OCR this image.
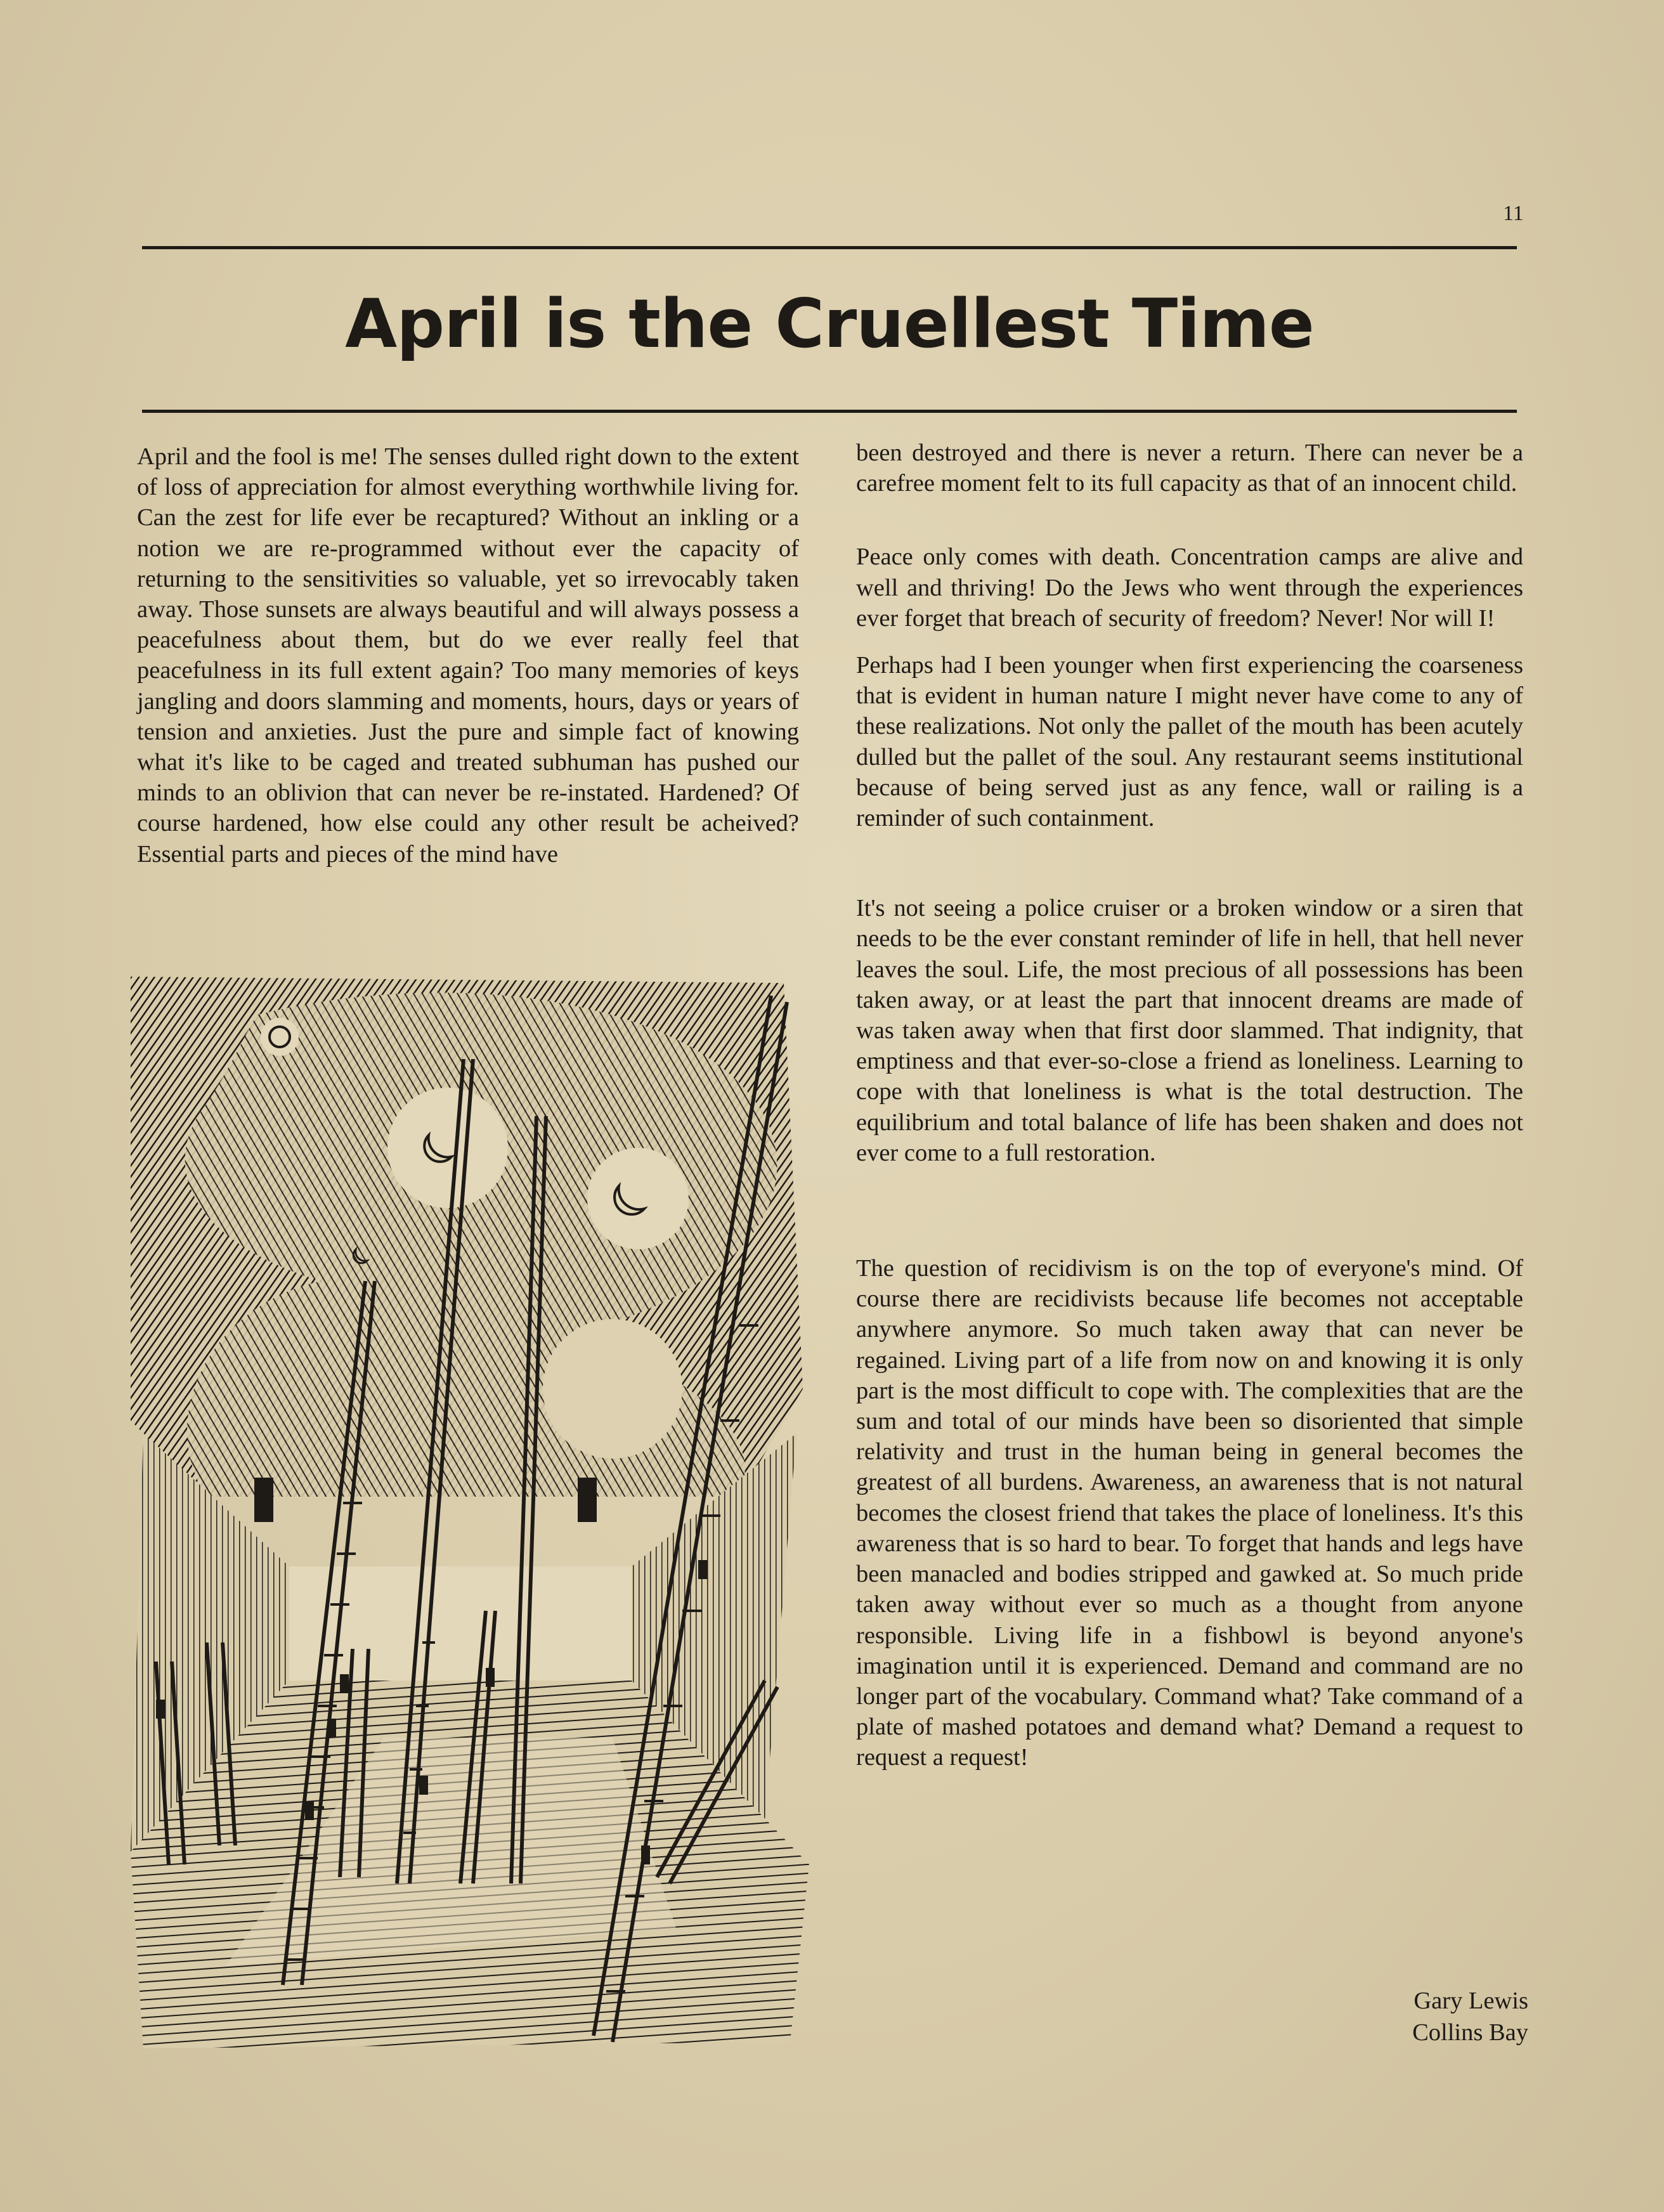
11
April is the Cruellest Time

April and the fool is me! The senses dulled right down to the extent of loss of appreciation for almost everything worthwhile living for. Can the zest for life ever be recaptured? Without an inkling or a notion we are re-programmed without ever the capacity of returning to the sensitivities so valuable, yet so irrevocably taken away. Those sunsets are always beautiful and will always possess a peacefulness about them, but do we ever really feel that peacefulness in its full extent again? Too many memories of keys jangling and doors slamming and moments, hours, days or years of tension and anxieties. Just the pure and simple fact of knowing what it's like to be caged and treated subhuman has pushed our minds to an oblivion that can never be re-instated. Hardened? Of course hardened, how else could any other result be acheived? Essential parts and pieces of the mind have

been destroyed and there is never a return. There can never be a carefree moment felt to its full capacity as that of an innocent child.

Peace only comes with death. Concentration camps are alive and well and thriving! Do the Jews who went through the experiences ever forget that breach of security of freedom? Never! Nor will I!

Perhaps had I been younger when first experiencing the coarseness that is evident in human nature I might never have come to any of these realizations. Not only the pallet of the mouth has been acutely dulled but the pallet of the soul. Any restaurant seems institutional because of being served just as any fence, wall or railing is a reminder of such containment.

It's not seeing a police cruiser or a broken window or a siren that needs to be the ever constant reminder of life in hell, that hell never leaves the soul. Life, the most precious of all possessions has been taken away, or at least the part that innocent dreams are made of was taken away when that first door slammed. That indignity, that emptiness and that ever-so-close a friend as loneliness. Learning to cope with that loneliness is what is the total destruction. The equilibrium and total balance of life has been shaken and does not ever come to a full restoration.

The question of recidivism is on the top of everyone's mind. Of course there are recidivists because life becomes not acceptable anywhere anymore. So much taken away that can never be regained. Living part of a life from now on and knowing it is only part is the most difficult to cope with. The complexities that are the sum and total of our minds have been so disoriented that simple relativity and trust in the human being in general becomes the greatest of all burdens. Awareness, an awareness that is not natural becomes the closest friend that takes the place of loneliness. It's this awareness that is so hard to bear. To forget that hands and legs have been manacled and bodies stripped and gawked at. So much pride taken away without ever so much as a thought from anyone responsible. Living life in a fishbowl is beyond anyone's imagination until it is experienced. Demand and command are no longer part of the vocabulary. Command what? Take command of a plate of mashed potatoes and demand what? Demand a request to request a request!

Gary Lewis
Collins Bay
